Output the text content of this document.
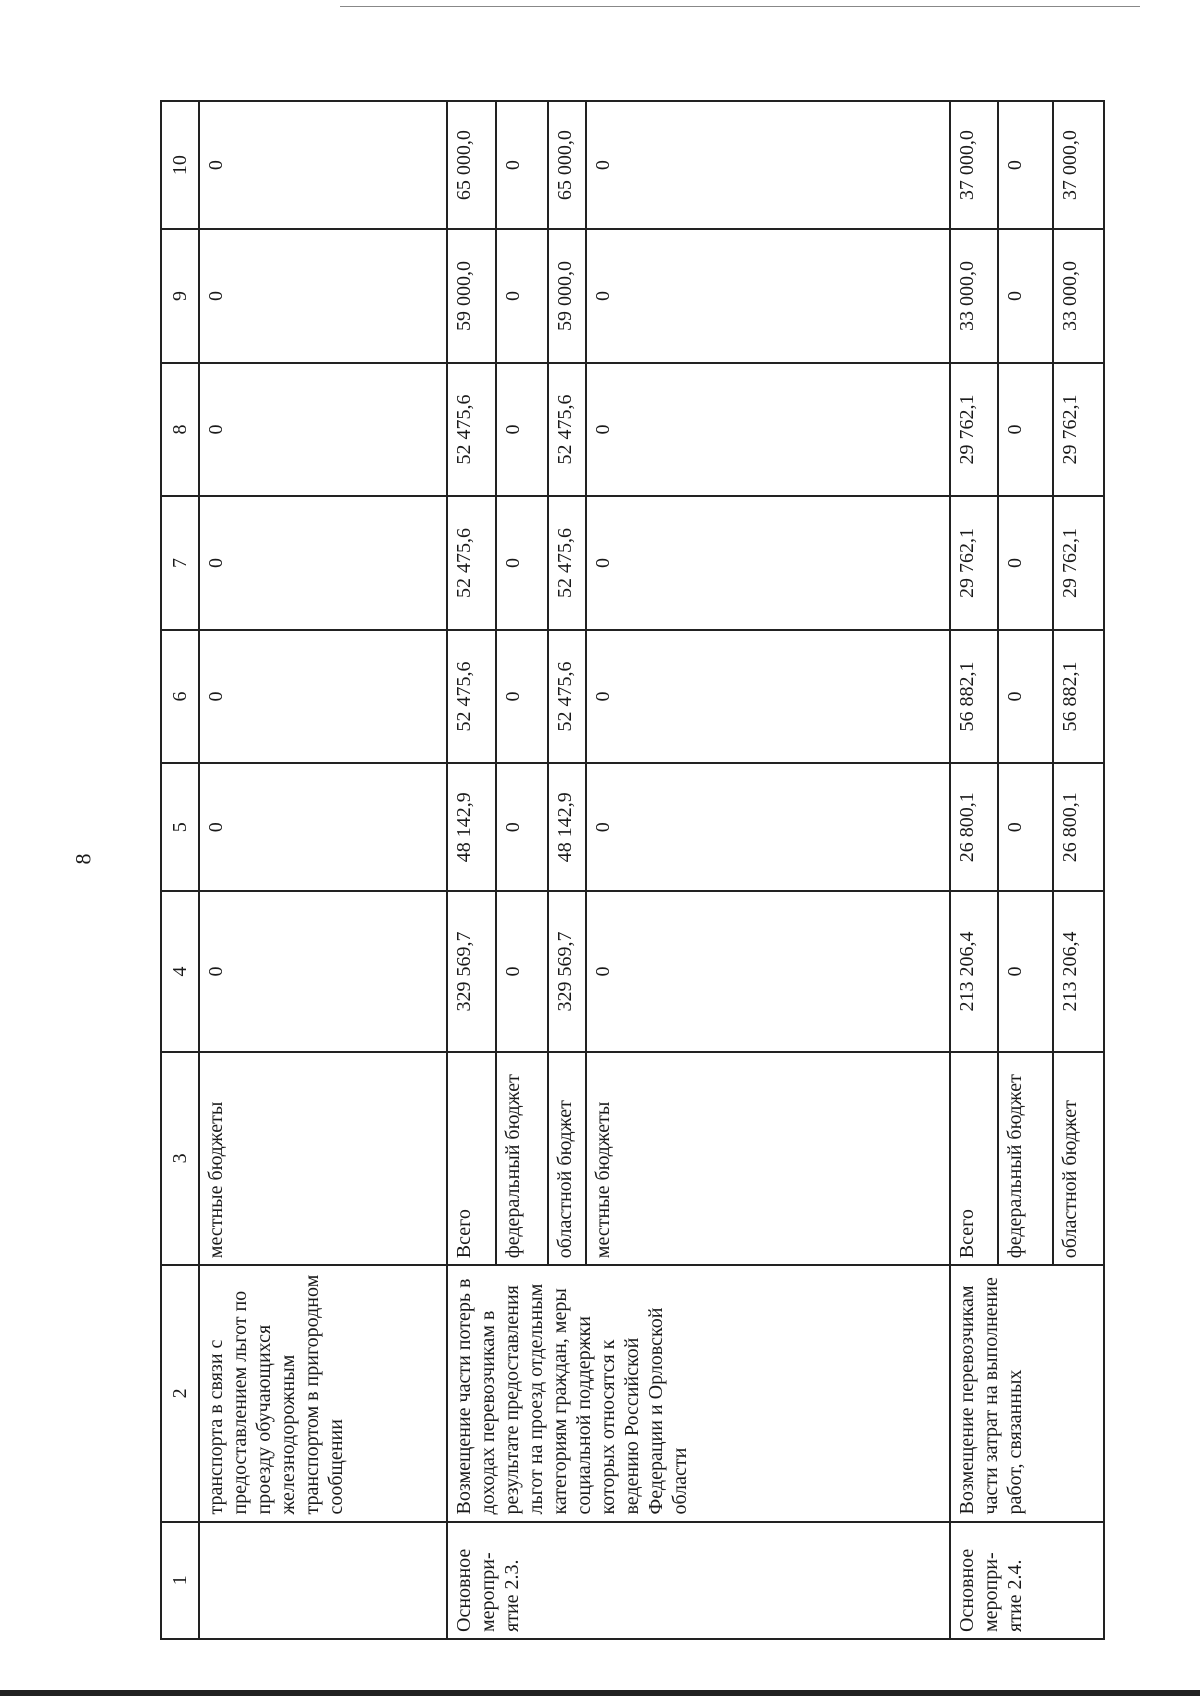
8
1	2	3	4	5	6	7	8	9	10
	транспорта в связи с предоставлением льгот по проезду обучающихся железнодорожным транспортом в пригородном сообщении	местные бюджеты	0	0	0	0	0	0	0
Основное меропри-ятие 2.3.	Возмещение части потерь в доходах перевозчикам в результате предоставления льгот на проезд отдельным категориям граждан, меры социальной поддержки которых относятся к ведению Российской Федерации и Орловской области	Всего	329 569,7	48 142,9	52 475,6	52 475,6	52 475,6	59 000,0	65 000,0
		федеральный бюджет	0	0	0	0	0	0	0
		областной бюджет	329 569,7	48 142,9	52 475,6	52 475,6	52 475,6	59 000,0	65 000,0
		местные бюджеты	0	0	0	0	0	0	0
Основное меропри-ятие 2.4.	Возмещение перевозчикам части затрат на выполнение работ, связанных	Всего	213 206,4	26 800,1	56 882,1	29 762,1	29 762,1	33 000,0	37 000,0
		федеральный бюджет	0	0	0	0	0	0	0
		областной бюджет	213 206,4	26 800,1	56 882,1	29 762,1	29 762,1	33 000,0	37 000,0
